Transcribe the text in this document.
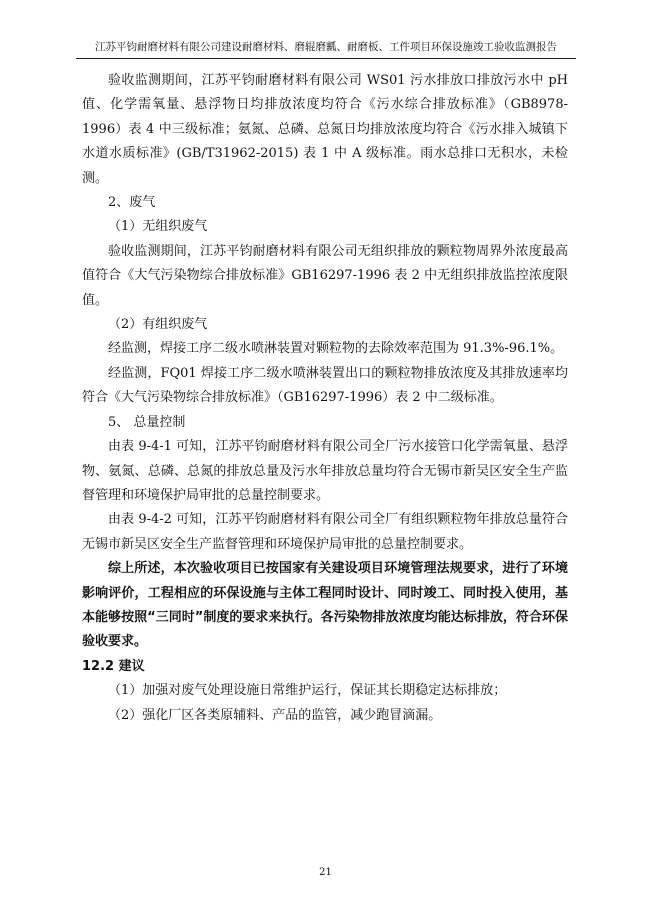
江苏平钧耐磨材料有限公司建设耐磨材料、磨辊磨瓤、耐磨板、工件项目环保设施竣工验收监测报告

验收监测期间，江苏平钧耐磨材料有限公司 WS01 污水排放口排放污水中 pH 值、化学需氧量、悬浮物日均排放浓度均符合《污水综合排放标准》（GB8978-1996）表 4 中三级标准；氨氮、总磷、总氮日均排放浓度均符合《污水排入城镇下水道水质标准》(GB/T31962-2015) 表 1 中 A 级标准。雨水总排口无积水，未检测。

2、废气

（1）无组织废气

验收监测期间，江苏平钧耐磨材料有限公司无组织排放的颗粒物周界外浓度最高值符合《大气污染物综合排放标准》GB16297-1996 表 2 中无组织排放监控浓度限值。

（2）有组织废气

经监测，焊接工序二级水喷淋装置对颗粒物的去除效率范围为 91.3%-96.1%。

经监测，FQ01 焊接工序二级水喷淋装置出口的颗粒物排放浓度及其排放速率均符合《大气污染物综合排放标准》（GB16297-1996）表 2 中二级标准。

5、 总量控制

由表 9-4-1 可知，江苏平钧耐磨材料有限公司全厂污水接管口化学需氧量、悬浮物、氨氮、总磷、总氮的排放总量及污水年排放总量均符合无锡市新吴区安全生产监督管理和环境保护局审批的总量控制要求。

由表 9-4-2 可知，江苏平钧耐磨材料有限公司全厂有组织颗粒物年排放总量符合无锡市新吴区安全生产监督管理和环境保护局审批的总量控制要求。

综上所述，本次验收项目已按国家有关建设项目环境管理法规要求，进行了环境影响评价，工程相应的环保设施与主体工程同时设计、同时竣工、同时投入使用，基本能够按照“三同时”制度的要求来执行。各污染物排放浓度均能达标排放，符合环保验收要求。

12.2 建议

（1）加强对废气处理设施日常维护运行，保证其长期稳定达标排放；

（2）强化厂区各类原辅料、产品的监管，减少跑冒滴漏。

21
